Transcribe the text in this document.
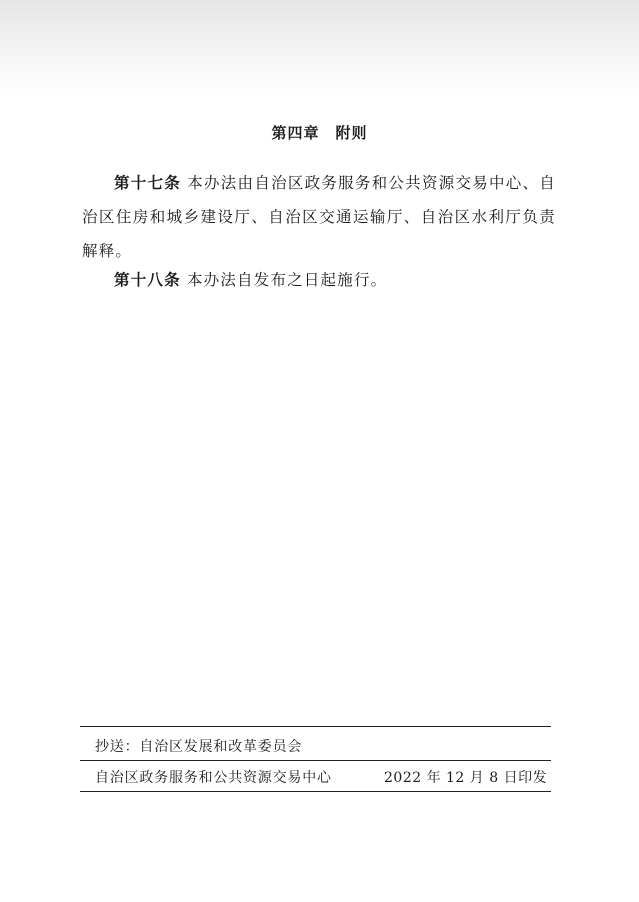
第四章 附则
第十七条 本办法由自治区政务服务和公共资源交易中心、自治区住房和城乡建设厅、自治区交通运输厅、自治区水利厅负责解释。
第十八条 本办法自发布之日起施行。
抄送：自治区发展和改革委员会
自治区政务服务和公共资源交易中心	2022 年 12 月 8 日印发
